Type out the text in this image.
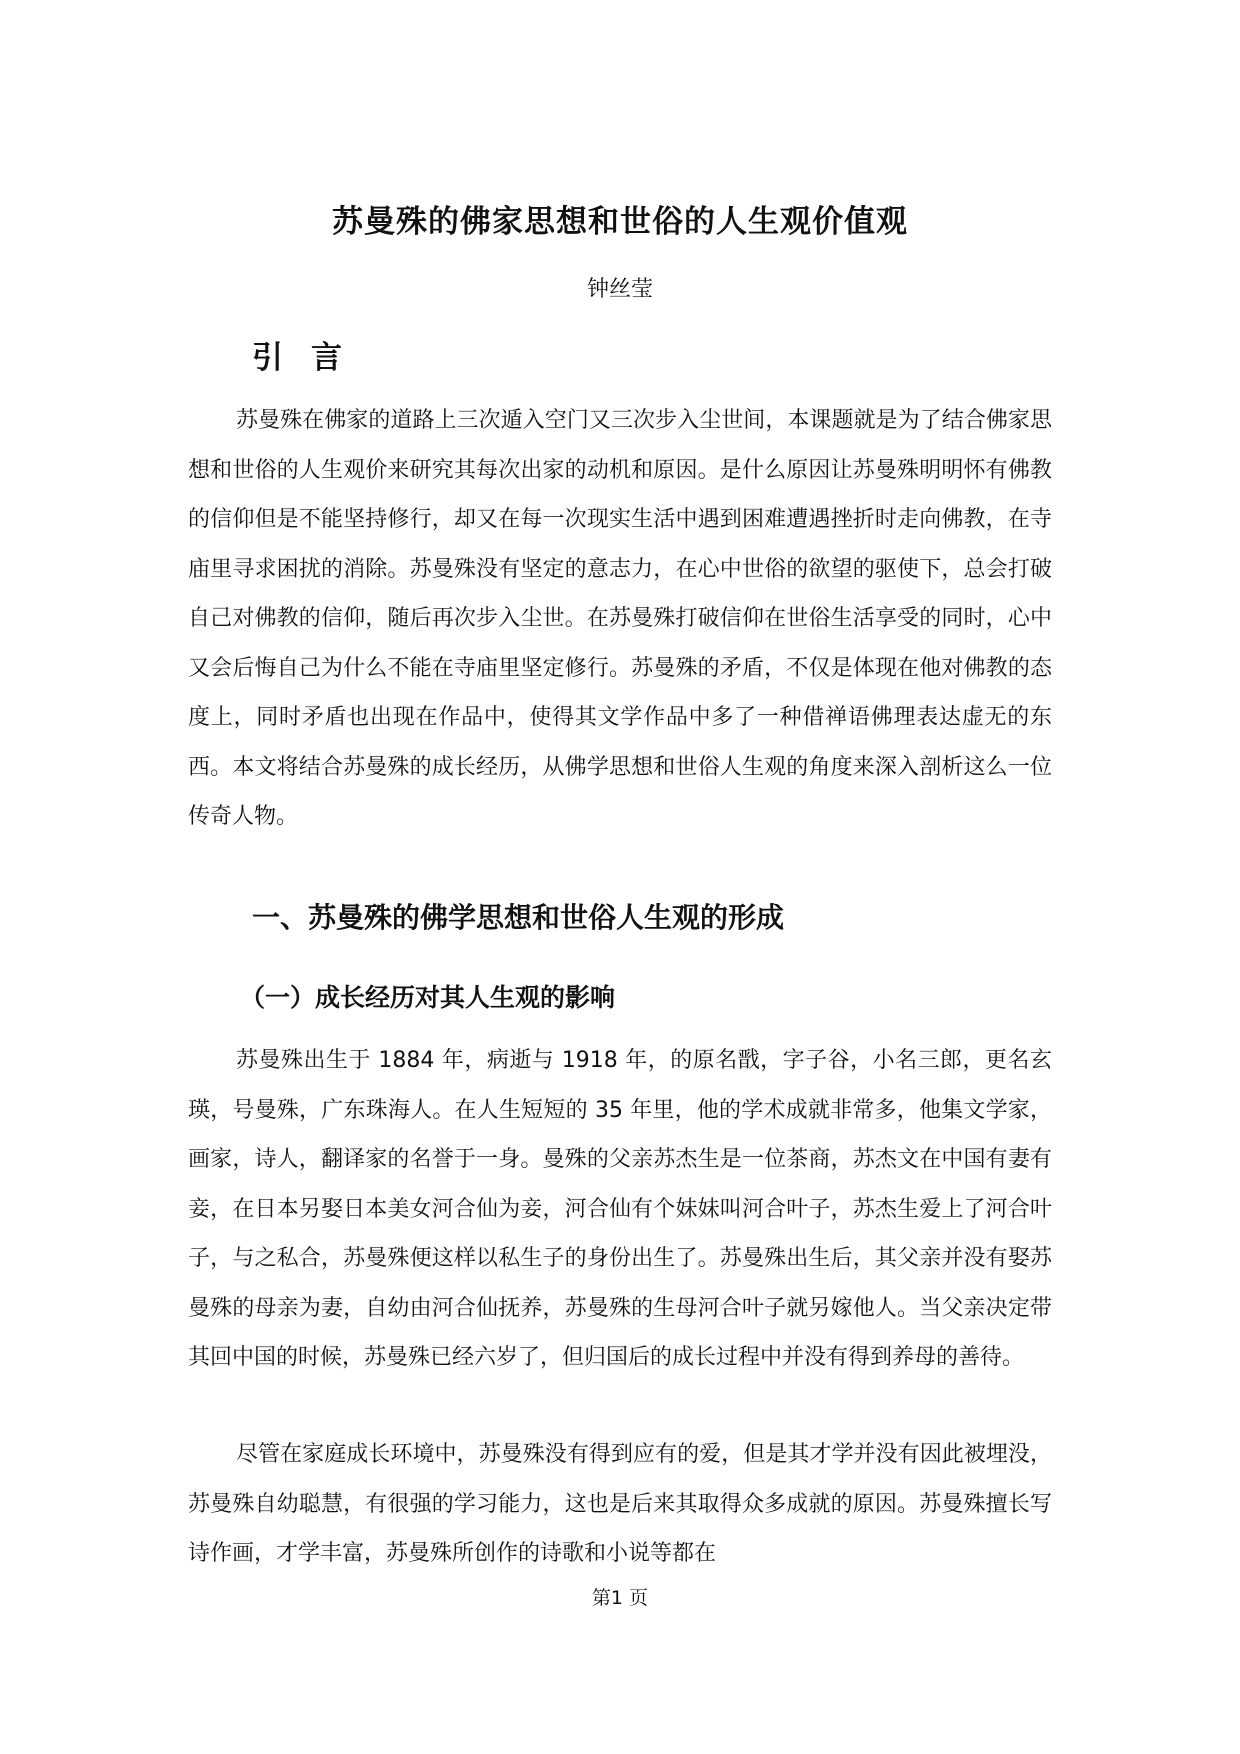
苏曼殊的佛家思想和世俗的人生观价值观
钟丝莹
引言

苏曼殊在佛家的道路上三次遁入空门又三次步入尘世间，本课题就是为了结合佛家思想和世俗的人生观价来研究其每次出家的动机和原因。是什么原因让苏曼殊明明怀有佛教的信仰但是不能坚持修行，却又在每一次现实生活中遇到困难遭遇挫折时走向佛教，在寺庙里寻求困扰的消除。苏曼殊没有坚定的意志力，在心中世俗的欲望的驱使下，总会打破自己对佛教的信仰，随后再次步入尘世。在苏曼殊打破信仰在世俗生活享受的同时，心中又会后悔自己为什么不能在寺庙里坚定修行。苏曼殊的矛盾，不仅是体现在他对佛教的态度上，同时矛盾也出现在作品中，使得其文学作品中多了一种借禅语佛理表达虚无的东西。本文将结合苏曼殊的成长经历，从佛学思想和世俗人生观的角度来深入剖析这么一位传奇人物。

一、苏曼殊的佛学思想和世俗人生观的形成
（一）成长经历对其人生观的影响

苏曼殊出生于 1884 年，病逝与 1918 年，的原名戬，字子谷，小名三郎，更名玄瑛，号曼殊，广东珠海人。在人生短短的 35 年里，他的学术成就非常多，他集文学家，画家，诗人，翻译家的名誉于一身。曼殊的父亲苏杰生是一位茶商，苏杰文在中国有妻有妾，在日本另娶日本美女河合仙为妾，河合仙有个妹妹叫河合叶子，苏杰生爱上了河合叶子，与之私合，苏曼殊便这样以私生子的身份出生了。苏曼殊出生后，其父亲并没有娶苏曼殊的母亲为妻，自幼由河合仙抚养，苏曼殊的生母河合叶子就另嫁他人。当父亲决定带其回中国的时候，苏曼殊已经六岁了，但归国后的成长过程中并没有得到养母的善待。

尽管在家庭成长环境中，苏曼殊没有得到应有的爱，但是其才学并没有因此被埋没，苏曼殊自幼聪慧，有很强的学习能力，这也是后来其取得众多成就的原因。苏曼殊擅长写诗作画，才学丰富，苏曼殊所创作的诗歌和小说等都在

第1 页
